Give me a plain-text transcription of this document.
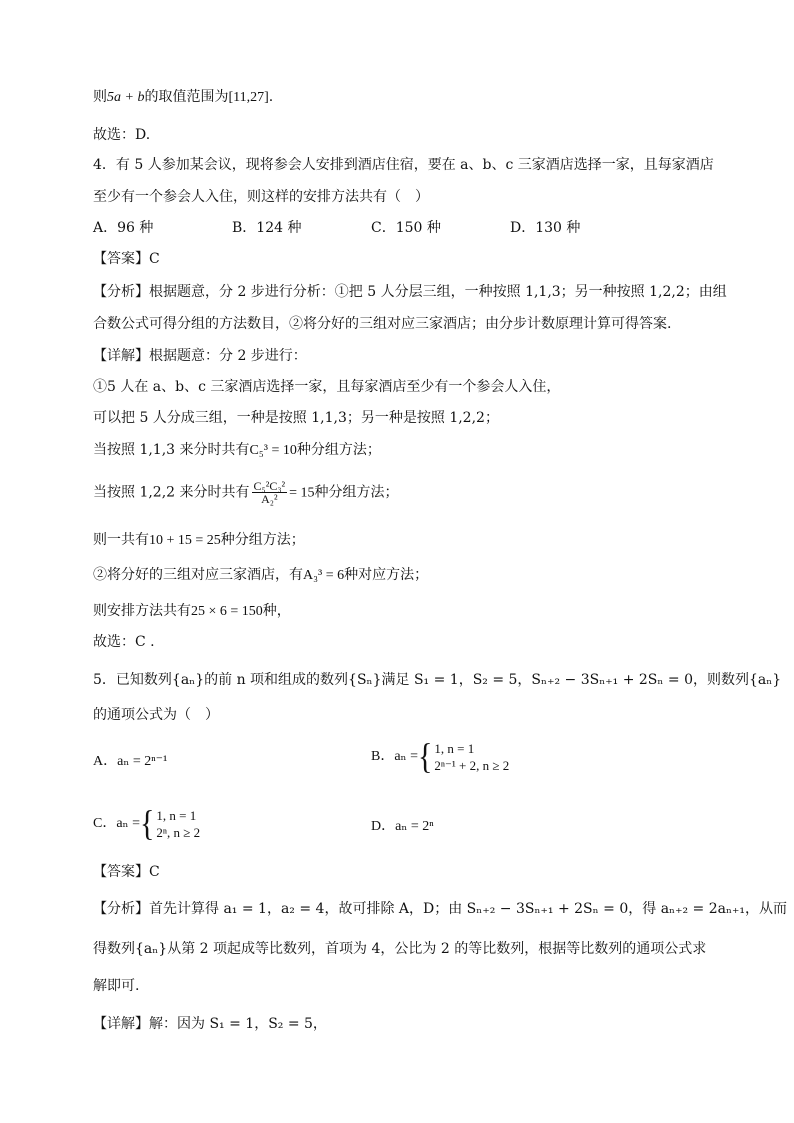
则5a + b的取值范围为[11,27].
故选：D.
4．有 5 人参加某会议，现将参会人安排到酒店住宿，要在 a、b、c 三家酒店选择一家，且每家酒店
至少有一个参会人入住，则这样的安排方法共有（　）
A．96 种	B．124 种	C．150 种	D．130 种
【答案】C
【分析】根据题意，分 2 步进行分析：①把 5 人分层三组，一种按照 1,1,3；另一种按照 1,2,2；由组
合数公式可得分组的方法数目，②将分好的三组对应三家酒店；由分步计数原理计算可得答案.
【详解】根据题意：分 2 步进行：
①5 人在 a、b、c 三家酒店选择一家，且每家酒店至少有一个参会人入住，
可以把 5 人分成三组，一种是按照 1,1,3；另一种是按照 1,2,2；
当按照 1,1,3 来分时共有C₅³ = 10种分组方法；
当按照 1,2,2 来分时共有 $\frac{\text{C₅²C₃²}}{\text{A₂²}} = 15$种分组方法；
则一共有10 + 15 = 25种分组方法；
②将分好的三组对应三家酒店，有A₃³ = 6种对应方法；
则安排方法共有25 × 6 = 150种，
故选：C .
5．已知数列{aₙ}的前 n 项和组成的数列{Sₙ}满足 S₁ = 1，S₂ = 5，Sₙ₊₂ − 3Sₙ₊₁ + 2Sₙ = 0，则数列{aₙ}
的通项公式为（　）
A．aₙ = 2ⁿ⁻¹	B．aₙ ={ 1, n = 1
2ⁿ⁻¹ + 2, n ≥ 2
C．aₙ ={ 1, n = 1
2ⁿ, n ≥ 2	D．aₙ = 2ⁿ
【答案】C
【分析】首先计算得 a₁ = 1，a₂ = 4，故可排除 A，D；由 Sₙ₊₂ − 3Sₙ₊₁ + 2Sₙ = 0，得 aₙ₊₂ = 2aₙ₊₁，从而
得数列{aₙ}从第 2 项起成等比数列，首项为 4，公比为 2 的等比数列，根据等比数列的通项公式求
解即可.
【详解】解：因为 S₁ = 1，S₂ = 5，
